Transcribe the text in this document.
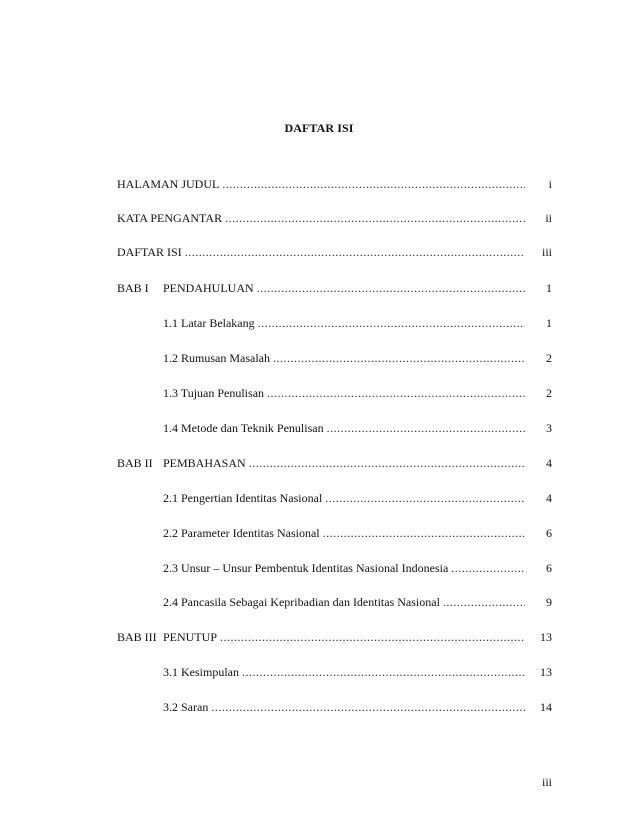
DAFTAR ISI
HALAMAN JUDUL .....	i
KATA PENGANTAR .....	ii
DAFTAR ISI .....	iii
BAB I	PENDAHULUAN .....	1
1.1 Latar Belakang .....	1
1.2 Rumusan Masalah .....	2
1.3 Tujuan Penulisan .....	2
1.4 Metode dan Teknik Penulisan .....	3
BAB II PEMBAHASAN .....	4
2.1 Pengertian Identitas Nasional .....	4
2.2 Parameter Identitas Nasional .....	6
2.3 Unsur – Unsur Pembentuk Identitas Nasional Indonesia .....	6
2.4 Pancasila Sebagai Kepribadian dan Identitas Nasional .....	9
BAB III PENUTUP .....	13
3.1 Kesimpulan .....	13
3.2 Saran .....	14
iii
